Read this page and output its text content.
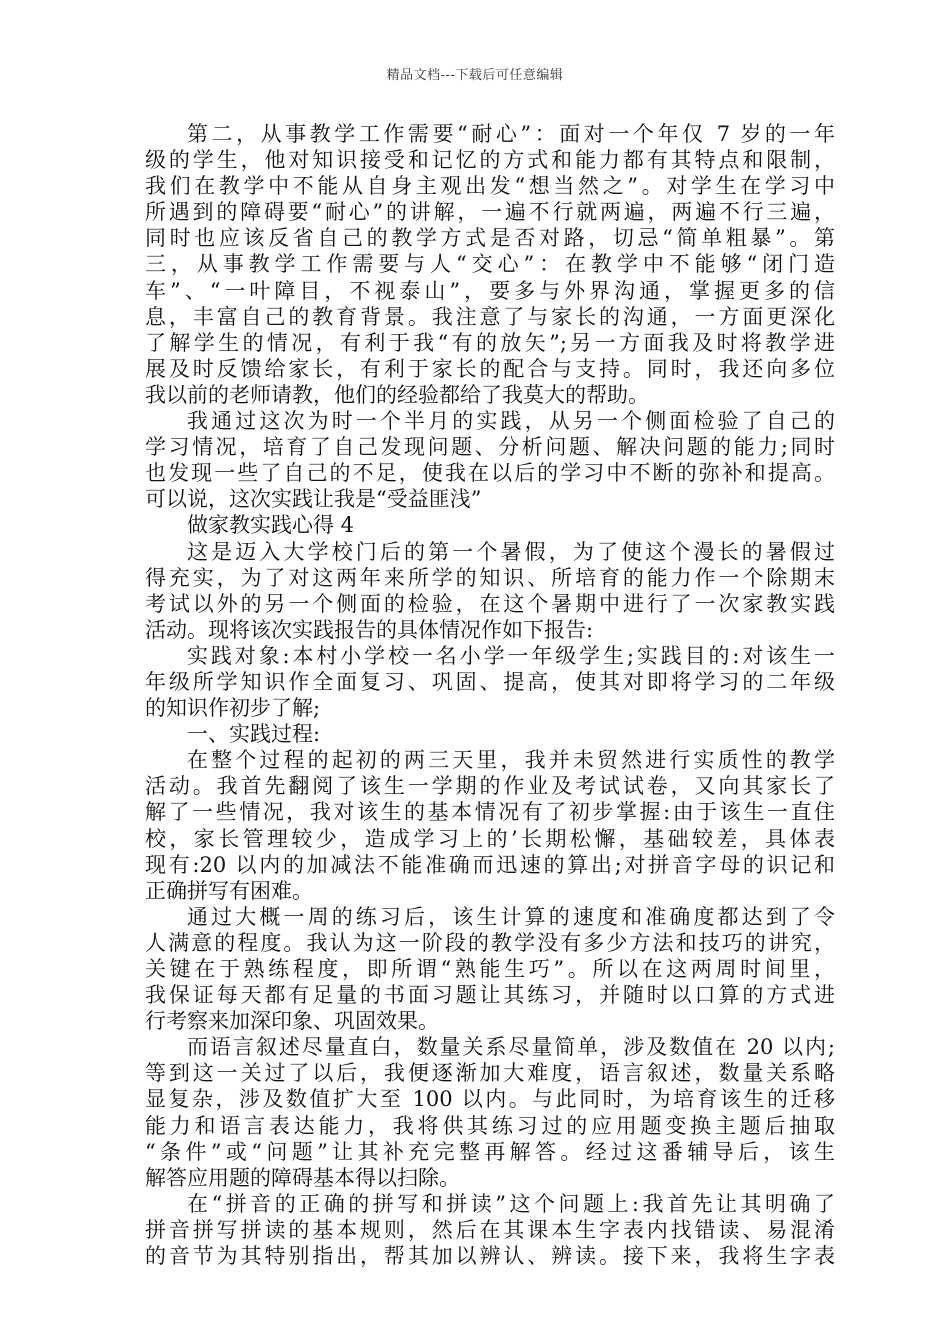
精品文档---下载后可任意编辑
第二，从事教学工作需要“耐心”：面对一个年仅 7 岁的一年
级的学生，他对知识接受和记忆的方式和能力都有其特点和限制，
我们在教学中不能从自身主观出发“想当然之”。对学生在学习中
所遇到的障碍要“耐心”的讲解，一遍不行就两遍，两遍不行三遍，
同时也应该反省自己的教学方式是否对路，切忌“简单粗暴”。第
三，从事教学工作需要与人“交心”：在教学中不能够“闭门造
车”、“一叶障目，不视泰山”，要多与外界沟通，掌握更多的信
息，丰富自己的教育背景。我注意了与家长的沟通，一方面更深化
了解学生的情况，有利于我“有的放矢”;另一方面我及时将教学进
展及时反馈给家长，有利于家长的配合与支持。同时，我还向多位
我以前的老师请教，他们的经验都给了我莫大的帮助。
我通过这次为时一个半月的实践，从另一个侧面检验了自己的
学习情况，培育了自己发现问题、分析问题、解决问题的能力;同时
也发现一些了自己的不足，使我在以后的学习中不断的弥补和提高。
可以说，这次实践让我是“受益匪浅”
做家教实践心得 4
这是迈入大学校门后的第一个暑假，为了使这个漫长的暑假过
得充实，为了对这两年来所学的知识、所培育的能力作一个除期末
考试以外的另一个侧面的检验，在这个暑期中进行了一次家教实践
活动。现将该次实践报告的具体情况作如下报告:
实践对象:本村小学校一名小学一年级学生;实践目的:对该生一
年级所学知识作全面复习、巩固、提高，使其对即将学习的二年级
的知识作初步了解;
一、实践过程:
在整个过程的起初的两三天里，我并未贸然进行实质性的教学
活动。我首先翻阅了该生一学期的作业及考试试卷，又向其家长了
解了一些情况，我对该生的基本情况有了初步掌握:由于该生一直住
校，家长管理较少，造成学习上的’长期松懈，基础较差，具体表
现有:20 以内的加减法不能准确而迅速的算出;对拼音字母的识记和
正确拼写有困难。
通过大概一周的练习后，该生计算的速度和准确度都达到了令
人满意的程度。我认为这一阶段的教学没有多少方法和技巧的讲究，
关键在于熟练程度，即所谓“熟能生巧”。所以在这两周时间里，
我保证每天都有足量的书面习题让其练习，并随时以口算的方式进
行考察来加深印象、巩固效果。
而语言叙述尽量直白，数量关系尽量简单，涉及数值在 20 以内;
等到这一关过了以后，我便逐渐加大难度，语言叙述，数量关系略
显复杂，涉及数值扩大至 100 以内。与此同时，为培育该生的迁移
能力和语言表达能力，我将供其练习过的应用题变换主题后抽取
“条件”或“问题”让其补充完整再解答。经过这番辅导后，该生
解答应用题的障碍基本得以扫除。
在“拼音的正确的拼写和拼读”这个问题上:我首先让其明确了
拼音拼写拼读的基本规则，然后在其课本生字表内找错读、易混淆
的音节为其特别指出，帮其加以辨认、辨读。接下来，我将生字表
